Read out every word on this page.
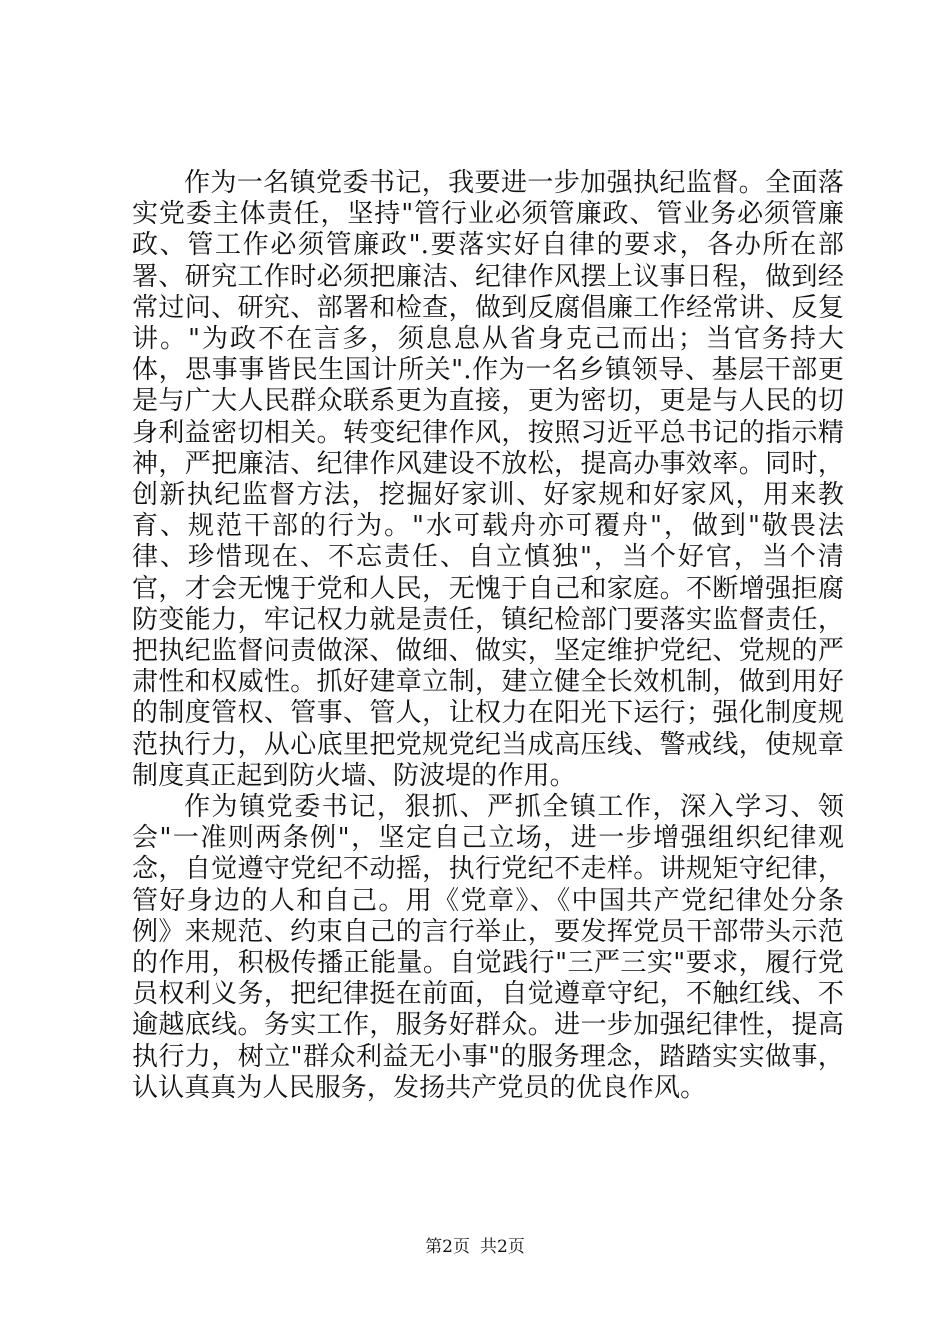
作为一名镇党委书记，我要进一步加强执纪监督。全面落实党委主体责任，坚持"管行业必须管廉政、管业务必须管廉政、管工作必须管廉政".要落实好自律的要求，各办所在部署、研究工作时必须把廉洁、纪律作风摆上议事日程，做到经常过问、研究、部署和检查，做到反腐倡廉工作经常讲、反复讲。"为政不在言多，须息息从省身克己而出；当官务持大体，思事事皆民生国计所关".作为一名乡镇领导、基层干部更是与广大人民群众联系更为直接，更为密切，更是与人民的切身利益密切相关。转变纪律作风，按照习近平总书记的指示精神，严把廉洁、纪律作风建设不放松，提高办事效率。同时，创新执纪监督方法，挖掘好家训、好家规和好家风，用来教育、规范干部的行为。"水可载舟亦可覆舟"，做到"敬畏法律、珍惜现在、不忘责任、自立慎独"，当个好官，当个清官，才会无愧于党和人民，无愧于自己和家庭。不断增强拒腐防变能力，牢记权力就是责任，镇纪检部门要落实监督责任，把执纪监督问责做深、做细、做实，坚定维护党纪、党规的严肃性和权威性。抓好建章立制，建立健全长效机制，做到用好的制度管权、管事、管人，让权力在阳光下运行；强化制度规范执行力，从心底里把党规党纪当成高压线、警戒线，使规章制度真正起到防火墙、防波堤的作用。

作为镇党委书记，狠抓、严抓全镇工作，深入学习、领会"一准则两条例"，坚定自己立场，进一步增强组织纪律观念，自觉遵守党纪不动摇，执行党纪不走样。讲规矩守纪律，管好身边的人和自己。用《党章》、《中国共产党纪律处分条例》来规范、约束自己的言行举止，要发挥党员干部带头示范的作用，积极传播正能量。自觉践行"三严三实"要求，履行党员权利义务，把纪律挺在前面，自觉遵章守纪，不触红线、不逾越底线。务实工作，服务好群众。进一步加强纪律性，提高执行力，树立"群众利益无小事"的服务理念，踏踏实实做事，认认真真为人民服务，发扬共产党员的优良作风。

第2页 共2页
